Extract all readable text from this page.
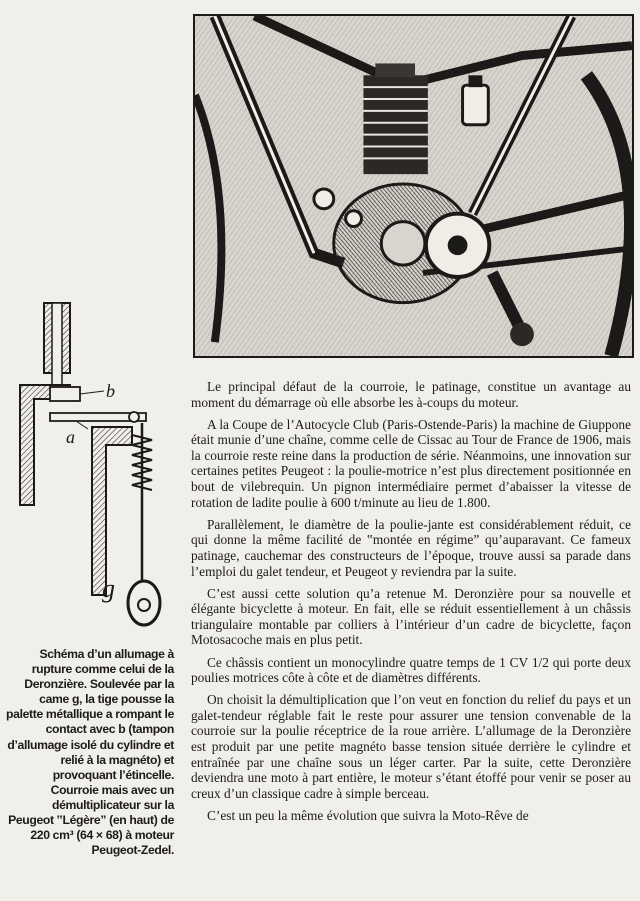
b
a
g
Schéma d’un allumage à rupture comme celui de la Deronzière. Soulevée par la came g, la tige pousse la palette métallique a rompant le contact avec b (tampon d’allumage isolé du cylindre et relié à la magnéto) et provoquant l’étincelle. Courroie mais avec un démultiplicateur sur la Peugeot ‟Légère” (en haut) de 220 cm³ (64 × 68) à moteur Peugeot-Zedel.

Le principal défaut de la courroie, le patinage, constitue un avantage au moment du démarrage où elle absorbe les à-coups du moteur.

A la Coupe de l’Autocycle Club (Paris-Ostende-Paris) la machine de Giuppone était munie d’une chaîne, comme celle de Cissac au Tour de France de 1906, mais la courroie reste reine dans la production de série. Néanmoins, une innovation sur certaines petites Peugeot : la poulie-motrice n’est plus directement positionnée en bout de vilebrequin. Un pignon intermédiaire permet d’abaisser la vitesse de rotation de ladite poulie à 600 t/minute au lieu de 1.800.

Parallèlement, le diamètre de la poulie-jante est considérablement réduit, ce qui donne la même facilité de ‟montée en régime” qu’auparavant. Ce fameux patinage, cauchemar des constructeurs de l’époque, trouve aussi sa parade dans l’emploi du galet tendeur, et Peugeot y reviendra par la suite.

C’est aussi cette solution qu’a retenue M. Deronzière pour sa nouvelle et élégante bicyclette à moteur. En fait, elle se réduit essentiellement à un châssis triangulaire montable par colliers à l’intérieur d’un cadre de bicyclette, façon Motosacoche mais en plus petit.

Ce châssis contient un monocylindre quatre temps de 1 CV 1/2 qui porte deux poulies motrices côte à côte et de diamètres différents.

On choisit la démultiplication que l’on veut en fonction du relief du pays et un galet-tendeur réglable fait le reste pour assurer une tension convenable de la courroie sur la poulie réceptrice de la roue arrière. L’allumage de la Deronzière est produit par une petite magnéto basse tension située derrière le cylindre et entraînée par une chaîne sous un léger carter. Par la suite, cette Deronzière deviendra une moto à part entière, le moteur s’étant étoffé pour venir se poser au creux d’un classique cadre à simple berceau.

C’est un peu la même évolution que suivra la Moto-Rêve de
